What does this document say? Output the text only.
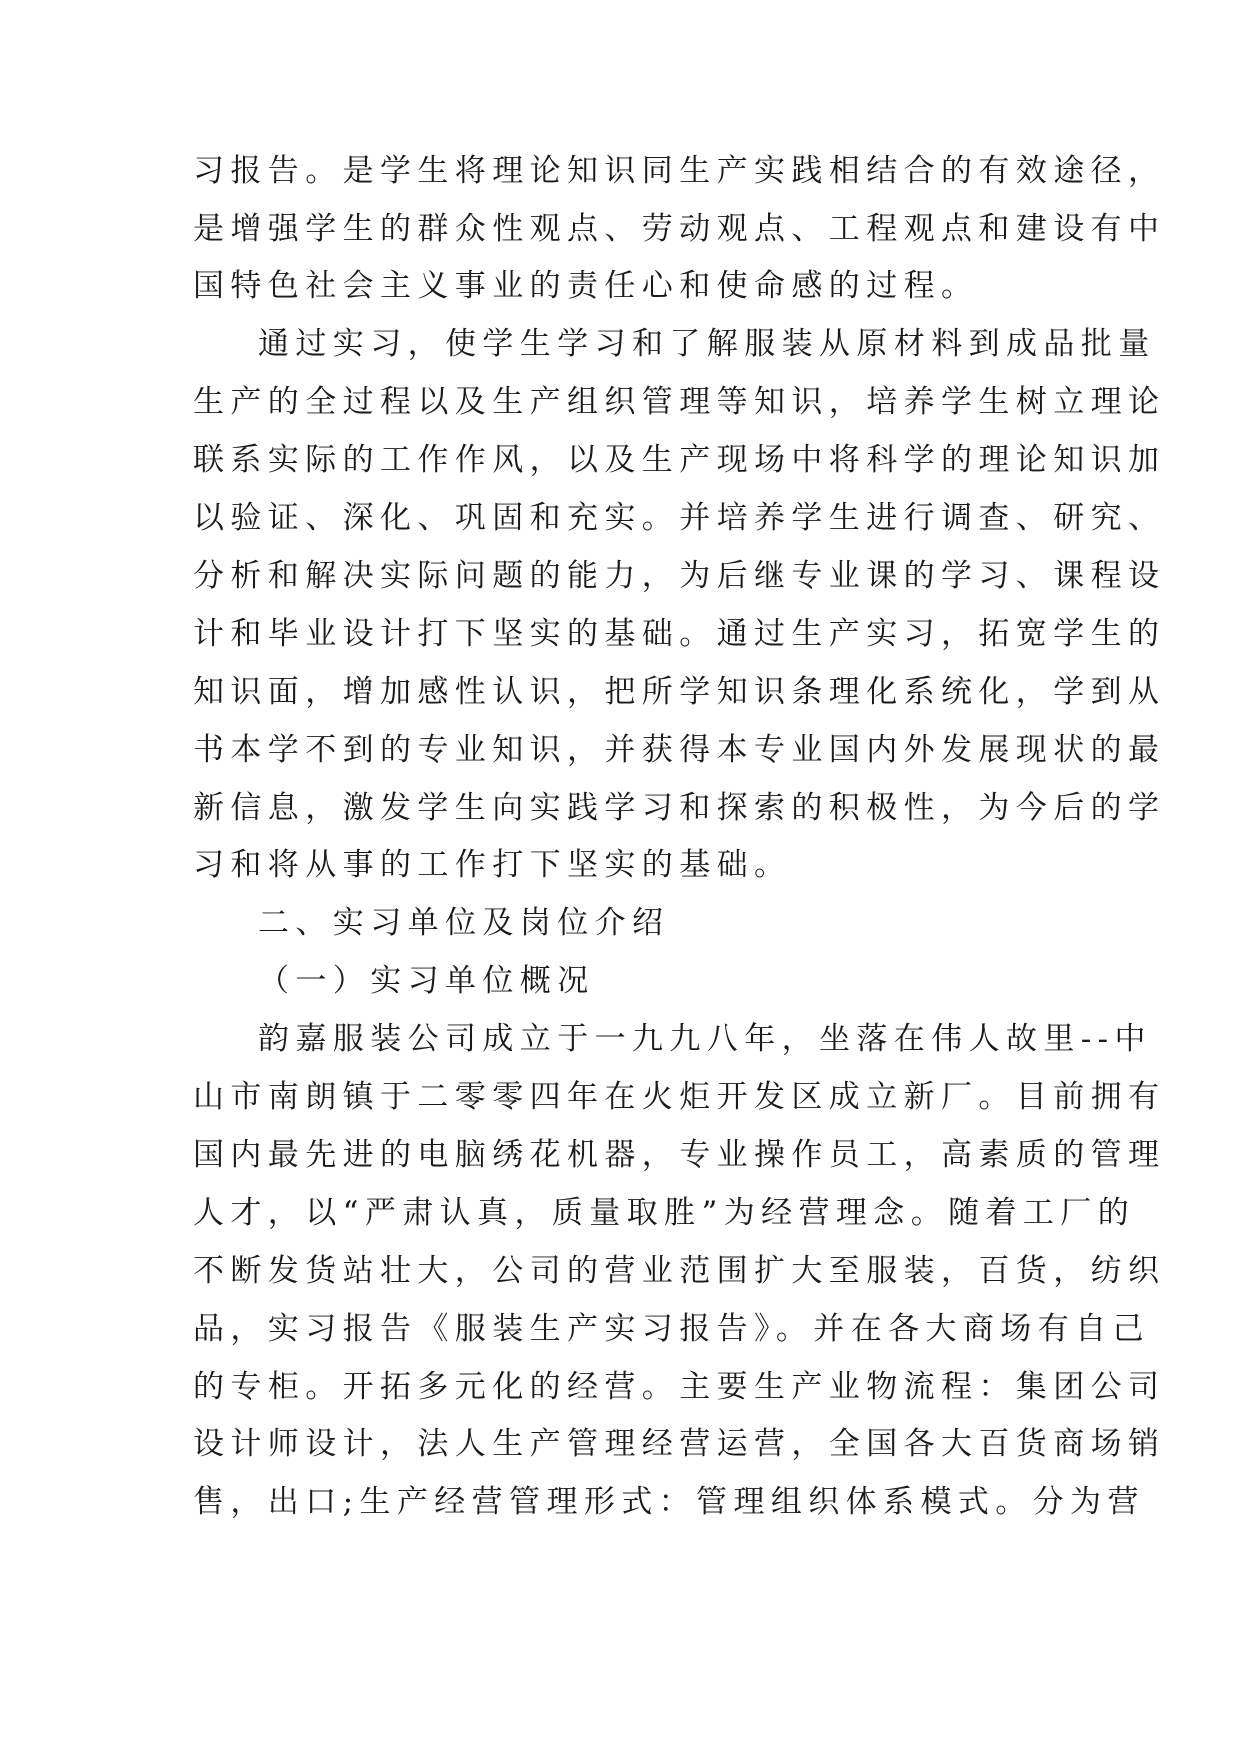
习报告。是学生将理论知识同生产实践相结合的有效途径，
是增强学生的群众性观点、劳动观点、工程观点和建设有中
国特色社会主义事业的责任心和使命感的过程。
通过实习，使学生学习和了解服装从原材料到成品批量
生产的全过程以及生产组织管理等知识，培养学生树立理论
联系实际的工作作风，以及生产现场中将科学的理论知识加
以验证、深化、巩固和充实。并培养学生进行调查、研究、
分析和解决实际问题的能力，为后继专业课的学习、课程设
计和毕业设计打下坚实的基础。通过生产实习，拓宽学生的
知识面，增加感性认识，把所学知识条理化系统化，学到从
书本学不到的专业知识，并获得本专业国内外发展现状的最
新信息，激发学生向实践学习和探索的积极性，为今后的学
习和将从事的工作打下坚实的基础。
二、实习单位及岗位介绍
（一）实习单位概况
韵嘉服装公司成立于一九九八年，坐落在伟人故里--中
山市南朗镇于二零零四年在火炬开发区成立新厂。目前拥有
国内最先进的电脑绣花机器，专业操作员工，高素质的管理
人才，以“严肃认真，质量取胜”为经营理念。随着工厂的
不断发货站壮大，公司的营业范围扩大至服装，百货，纺织
品，实习报告《服装生产实习报告》。并在各大商场有自己
的专柜。开拓多元化的经营。主要生产业物流程：集团公司
设计师设计，法人生产管理经营运营，全国各大百货商场销
售，出口;生产经营管理形式：管理组织体系模式。分为营
